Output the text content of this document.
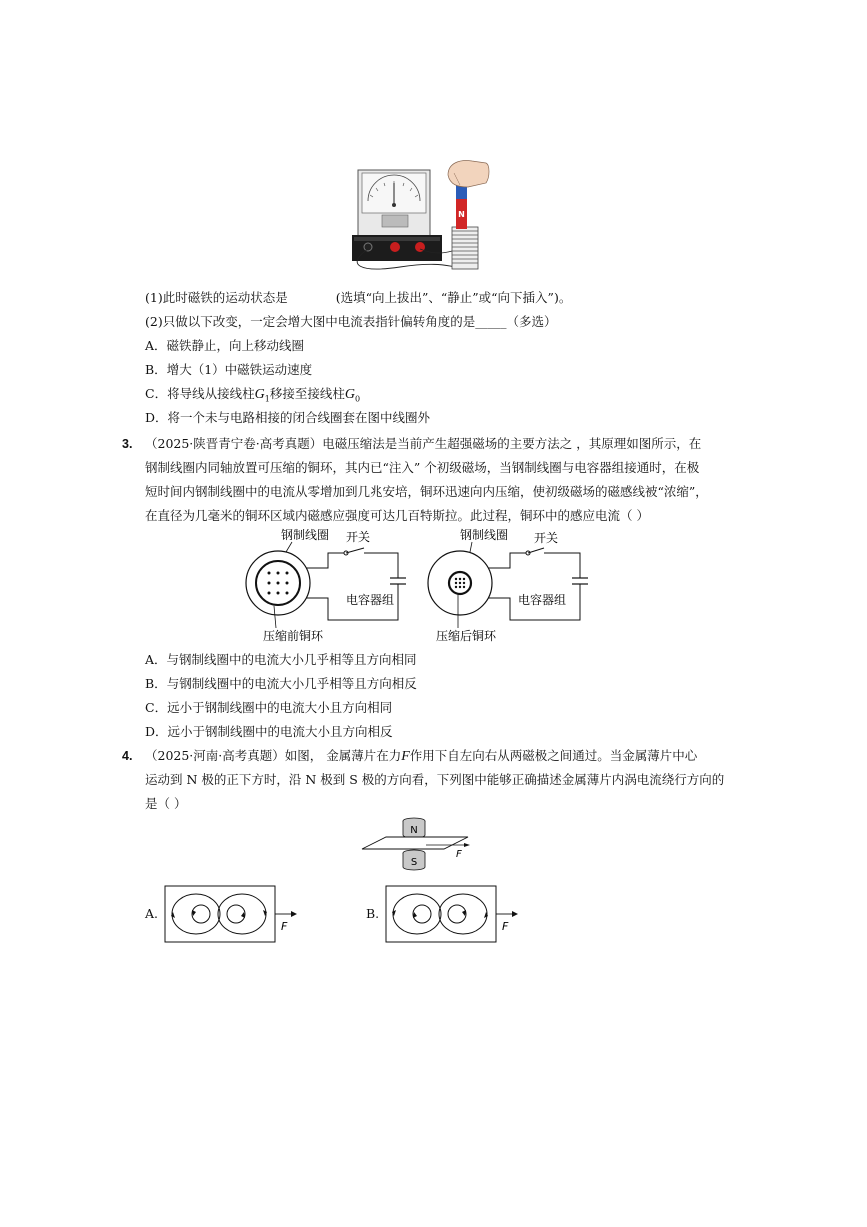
N
(1)此时磁铁的运动状态是	(选填“向上拔出”、“静止”或“向下插入”)。
(2)只做以下改变，一定会增大图中电流表指针偏转角度的是_____（多选）
A．磁铁静止，向上移动线圈
B．增大（1）中磁铁运动速度
C．将导线从接线柱$G_1$移接至接线柱$G_0$
D．将一个未与电路相接的闭合线圈套在图中线圈外
3. （2025·陕晋青宁卷·高考真题）电磁压缩法是当前产生超强磁场的主要方法之 ，其原理如图所示，在
钢制线圈内同轴放置可压缩的铜环，其内已“注入” 个初级磁场，当钢制线圈与电容器组接通时，在极
短时间内钢制线圈中的电流从零增加到几兆安培，铜环迅速向内压缩，使初级磁场的磁感线被“浓缩”，
在直径为几毫米的铜环区域内磁感应强度可达几百特斯拉。此过程，铜环中的感应电流（ ）
钢制线圈 开关
电容器组
压缩前铜环
钢制线圈 开关
电容器组
压缩后铜环
A．与钢制线圈中的电流大小几乎相等且方向相同
B．与钢制线圈中的电流大小几乎相等且方向相反
C．远小于钢制线圈中的电流大小且方向相同
D．远小于钢制线圈中的电流大小且方向相反
4. （2025·河南·高考真题）如图， 金属薄片在力F作用下自左向右从两磁极之间通过。当金属薄片中心
运动到 N 极的正下方时，沿 N 极到 S 极的方向看，下列图中能够正确描述金属薄片内涡电流绕行方向的
是（ ）
N
F
S
A.
F
B.
F
